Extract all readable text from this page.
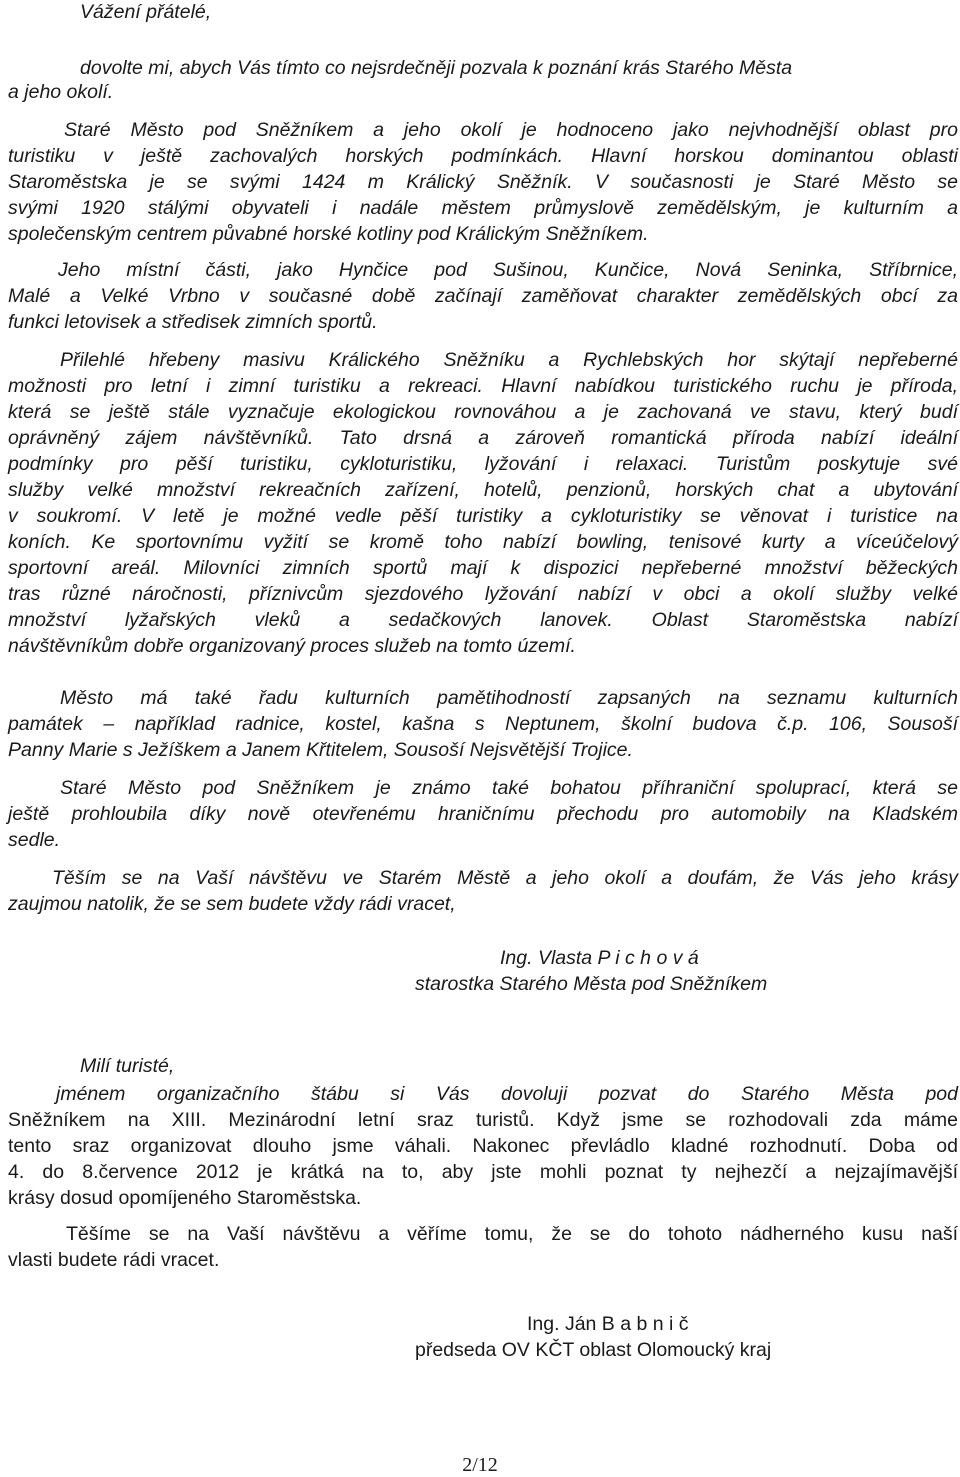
Vážení přátelé,
dovolte mi, abych Vás tímto co nejsrdečněji pozvala k poznání krás Starého Města
a jeho okolí.
Staré Město pod Sněžníkem a jeho okolí je hodnoceno jako nejvhodnější oblast pro
turistiku v ještě zachovalých horských podmínkách. Hlavní horskou dominantou oblasti
Staroměstska je se svými 1424 m Králický Sněžník. V současnosti je Staré Město se
svými 1920 stálými obyvateli i nadále městem průmyslově zemědělským, je kulturním a
společenským centrem půvabné horské kotliny pod Králickým Sněžníkem.
Jeho místní části, jako Hynčice pod Sušinou, Kunčice, Nová Seninka, Stříbrnice,
Malé a Velké Vrbno v současné době začínají zaměňovat charakter zemědělských obcí za
funkci letovisek a středisek zimních sportů.
Přilehlé hřebeny masivu Králického Sněžníku a Rychlebských hor skýtají nepřeberné
možnosti pro letní i zimní turistiku a rekreaci. Hlavní nabídkou turistického ruchu je příroda,
která se ještě stále vyznačuje ekologickou rovnováhou a je zachovaná ve stavu, který budí
oprávněný zájem návštěvníků. Tato drsná a zároveň romantická příroda nabízí ideální
podmínky pro pěší turistiku, cykloturistiku, lyžování i relaxaci. Turistům poskytuje své
služby velké množství rekreačních zařízení, hotelů, penzionů, horských chat a ubytování
v soukromí. V letě je možné vedle pěší turistiky a cykloturistiky se věnovat i turistice na
koních. Ke sportovnímu vyžití se kromě toho nabízí bowling, tenisové kurty a víceúčelový
sportovní areál. Milovníci zimních sportů mají k dispozici nepřeberné množství běžeckých
tras různé náročnosti, příznivcům sjezdového lyžování nabízí v obci a okolí služby velké
množství lyžařských vleků a sedačkových lanovek. Oblast Staroměstska nabízí
návštěvníkům dobře organizovaný proces služeb na tomto území.
Město má také řadu kulturních pamětihodností zapsaných na seznamu kulturních
památek – například radnice, kostel, kašna s Neptunem, školní budova č.p. 106, Sousoší
Panny Marie s Ježíškem a Janem Křtitelem, Sousoší Nejsvětější Trojice.
Staré Město pod Sněžníkem je známo také bohatou příhraniční spoluprací, která se
ještě prohloubila díky nově otevřenému hraničnímu přechodu pro automobily na Kladském
sedle.
Těším se na Vaší návštěvu ve Starém Městě a jeho okolí a doufám, že Vás jeho krásy
zaujmou natolik, že se sem budete vždy rádi vracet,
Ing. Vlasta P i c h o v á
starostka Starého Města pod Sněžníkem
Milí turisté,
jménem organizačního štábu si Vás dovoluji pozvat do Starého Města pod
Sněžníkem na XIII. Mezinárodní letní sraz turistů. Když jsme se rozhodovali zda máme
tento sraz organizovat dlouho jsme váhali. Nakonec převládlo kladné rozhodnutí. Doba od
4. do 8.července 2012 je krátká na to, aby jste mohli poznat ty nejhezčí a nejzajímavější
krásy dosud opomíjeného Staroměstska.
Těšíme se na Vaší návštěvu a věříme tomu, že se do tohoto nádherného kusu naší
vlasti budete rádi vracet.
Ing. Ján B a b n i č
předseda OV KČT oblast Olomoucký kraj
2/12
